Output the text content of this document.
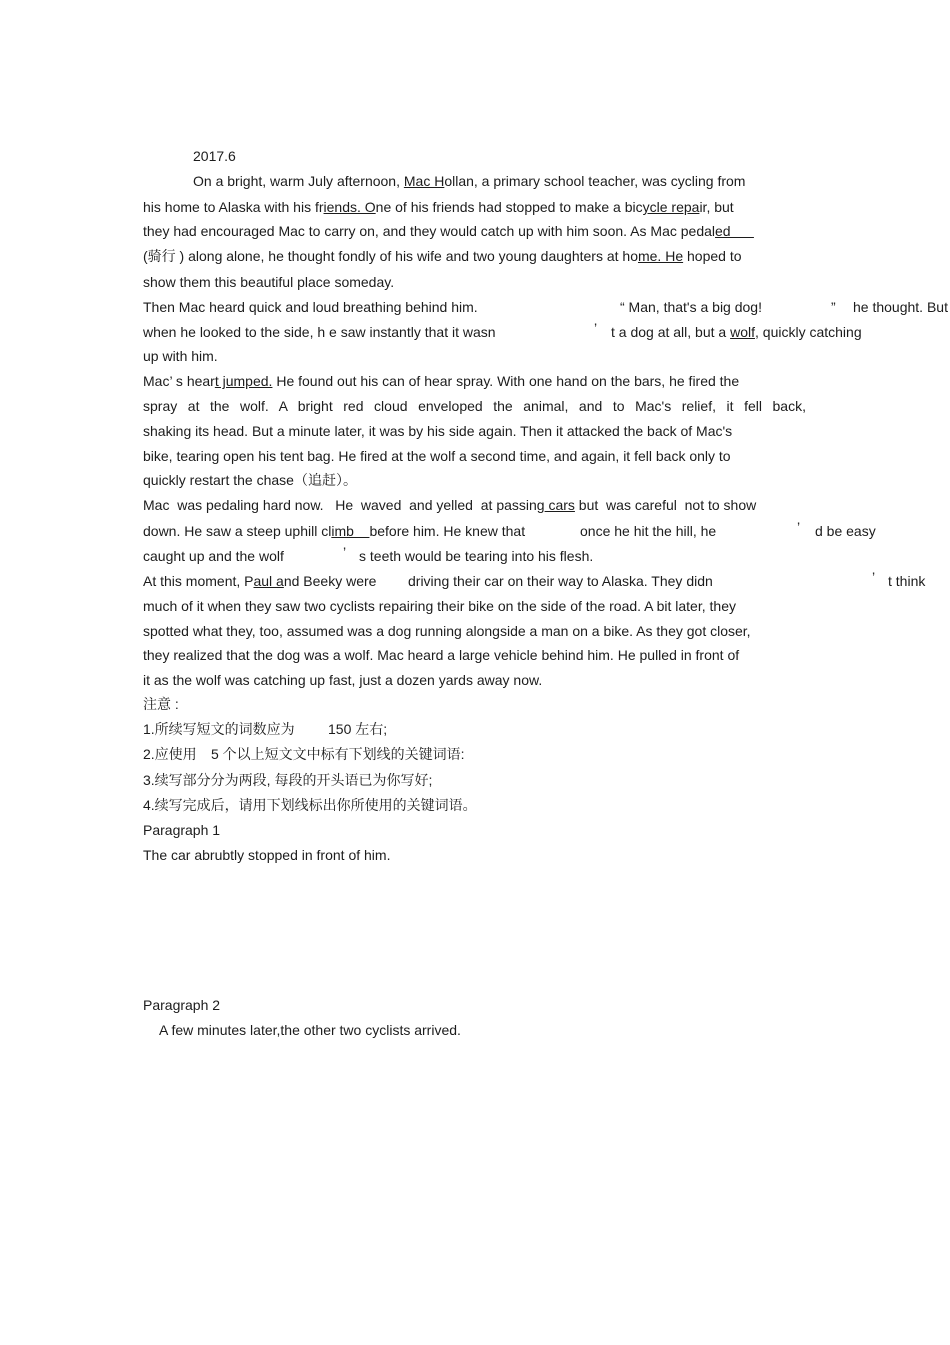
2017.6
On a bright, warm July afternoon, Mac Hollan, a primary school teacher, was cycling from
his home to Alaska with his friends. One of his friends had stopped to make a bicycle repair, but
they had encouraged Mac to carry on, and they would catch up with him soon. As Mac pedaled
(骑行 ) along alone, he thought fondly of his wife and two young daughters at home. He hoped to
show them this beautiful place someday.
Then Mac heard quick and loud breathing behind him.	“ Man, that's a big dog!	” he thought. But
when he looked to the side, h e saw instantly that it wasn	’ t a dog at all, but a wolf, quickly catching
up with him.
Mac’ s heart jumped. He found out his can of hear spray. With one hand on the bars, he fired the
spray at the wolf. A bright red cloud enveloped the animal, and to Mac's relief, it fell back,
shaking its head. But a minute later, it was by his side again. Then it attacked the back of Mac's
bike, tearing open his tent bag. He fired at the wolf a second time, and again, it fell back only to
quickly restart the chase（追赶）。
Mac  was pedaling hard now.   He  waved  and yelled  at passing cars but  was careful  not to show
down. He saw a steep uphill climb    before him. He knew that	once he hit the hill, he	’ d be easy
caught up and the wolf	’ s teeth would be tearing into his flesh.
At this moment, Paul and Beeky were driving their car on their way to Alaska. They didn	’ t think
much of it when they saw two cyclists repairing their bike on the side of the road. A bit later, they
spotted what they, too, assumed was a dog running alongside a man on a bike. As they got closer,
they realized that the dog was a wolf. Mac heard a large vehicle behind him. He pulled in front of
it as the wolf was catching up fast, just a dozen yards away now.
注意 :
1.所续写短文的词数应为 150 左右;
2.应使用 5 个以上短文文中标有下划线的关键词语:
3.续写部分分为两段, 每段的开头语已为你写好;
4.续写完成后，请用下划线标出你所使用的关键词语。
Paragraph 1
The car abrubtly stopped in front of him.
Paragraph 2
A few minutes later,the other two cyclists arrived.
